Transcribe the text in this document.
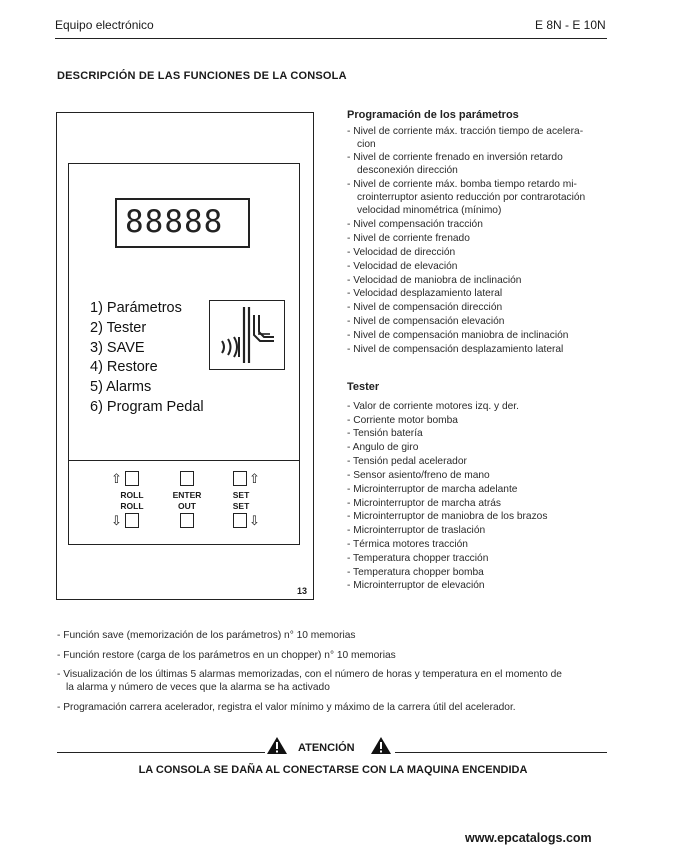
Equipo electrónico	E 8N - E 10N
DESCRIPCIÓN DE LAS FUNCIONES DE LA CONSOLA
88888
1) Parámetros
2) Tester
3) SAVE
4) Restore
5) Alarms
6) Program Pedal
⇧
ROLL
ROLL
⇩
ENTER
OUT
⇧
SET
SET
⇩
13
Programación de los parámetros
- Nivel de corriente máx. tracción tiempo de acelera-
cion
- Nivel de corriente frenado en inversión retardo
desconexión dirección
- Nivel de corriente máx. bomba tiempo retardo mi-
crointerruptor asiento reducción por contrarotación
velocidad minométrica (mínimo)
- Nivel compensación tracción
- Nivel de corriente frenado
- Velocidad de dirección
- Velocidad de elevación
- Velocidad de maniobra de inclinación
- Velocidad desplazamiento lateral
- Nivel de compensación dirección
- Nivel de compensación elevación
- Nivel de compensación maniobra de inclinación
- Nivel de compensación desplazamiento lateral
Tester
- Valor de corriente motores izq. y der.
- Corriente motor bomba
- Tensión batería
- Angulo de giro
- Tensión pedal acelerador
- Sensor asiento/freno de mano
- Microinterruptor de marcha adelante
- Microinterruptor de marcha atrás
- Microinterruptor de maniobra de los brazos
- Microinterruptor de traslación
- Térmica motores tracción
- Temperatura chopper tracción
- Temperatura chopper bomba
- Microinterruptor de elevación
- Función save (memorización de los parámetros) n° 10 memorias
- Función restore (carga de los parámetros en un chopper) n° 10 memorias
- Visualización de los últimas 5 alarmas memorizadas, con el número de horas y temperatura en el momento de
la alarma y número de veces que la alarma se ha activado
- Programación carrera acelerador, registra el valor mínimo y máximo de la carrera útil del acelerador.
ATENCIÓN
LA CONSOLA SE DAÑA AL CONECTARSE CON LA MAQUINA ENCENDIDA
www.epcatalogs.com
